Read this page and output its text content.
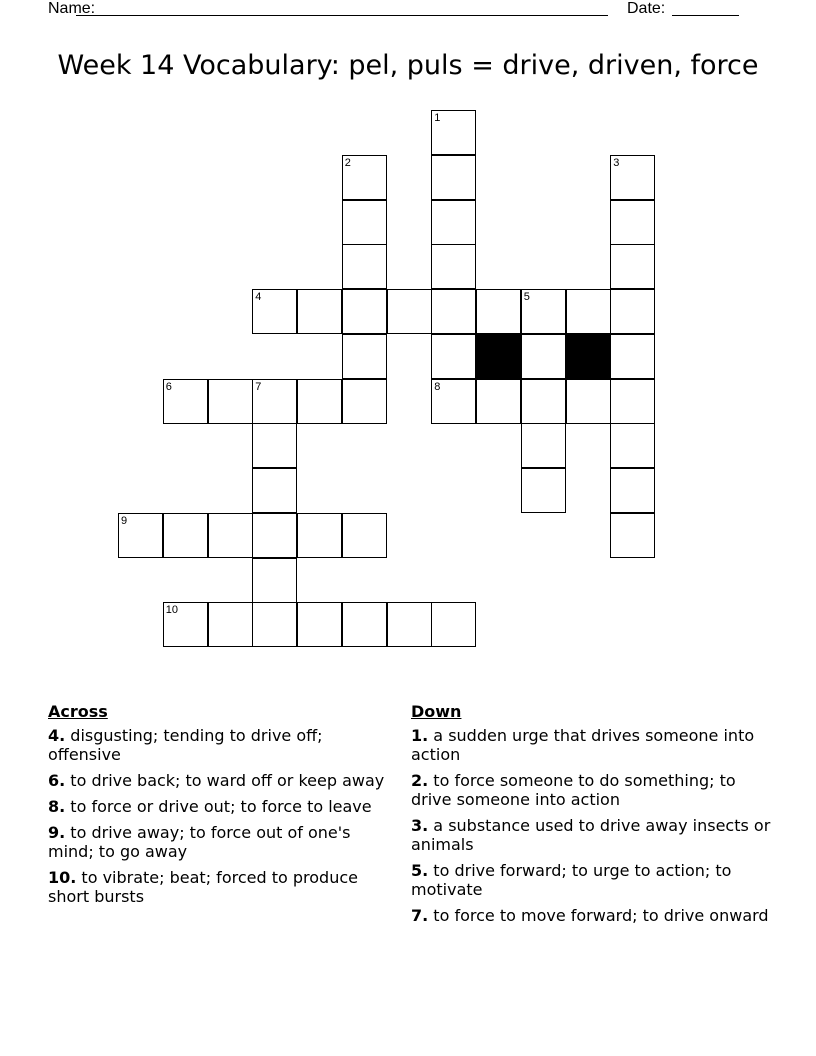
Name:	Date:
Week 14 Vocabulary: pel, puls = drive, driven, force
1
2	3
4	5
6	7	8
9
10
Across
4. disgusting; tending to drive off; offensive
6. to drive back; to ward off or keep away
8. to force or drive out; to force to leave
9. to drive away; to force out of one's mind; to go away
10. to vibrate; beat; forced to produce short bursts
Down
1. a sudden urge that drives someone into action
2. to force someone to do something; to drive someone into action
3. a substance used to drive away insects or animals
5. to drive forward; to urge to action; to motivate
7. to force to move forward; to drive onward
